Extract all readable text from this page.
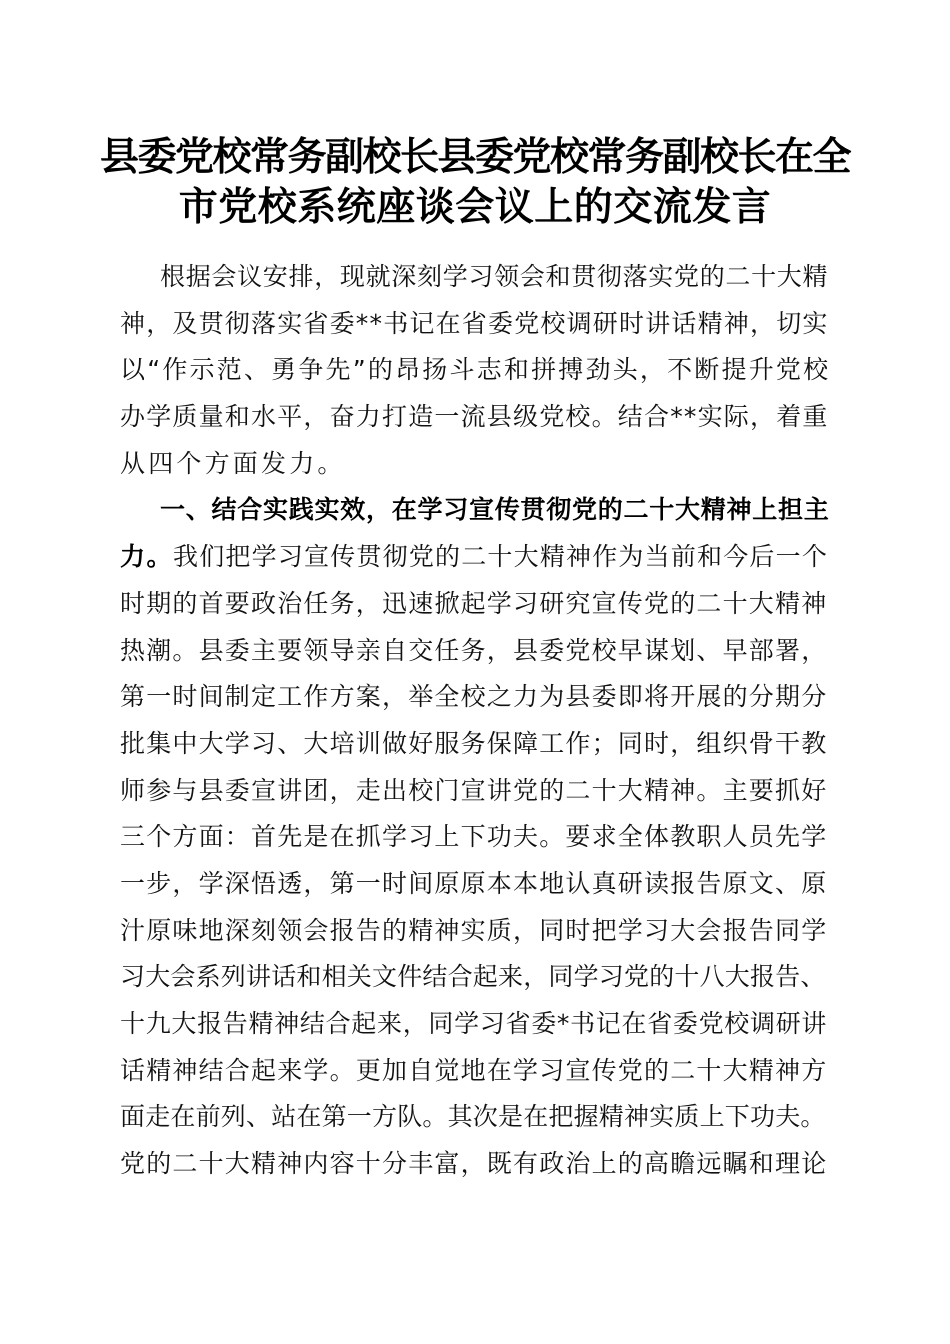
县委党校常务副校长县委党校常务副校长在全
市党校系统座谈会议上的交流发言
根据会议安排，现就深刻学习领会和贯彻落实党的二十大精
神，及贯彻落实省委**书记在省委党校调研时讲话精神，切实
以“作示范、勇争先”的昂扬斗志和拼搏劲头，不断提升党校
办学质量和水平，奋力打造一流县级党校。结合**实际，着重
从四个方面发力。
一、结合实践实效，在学习宣传贯彻党的二十大精神上担主
力。我们把学习宣传贯彻党的二十大精神作为当前和今后一个
时期的首要政治任务，迅速掀起学习研究宣传党的二十大精神
热潮。县委主要领导亲自交任务，县委党校早谋划、早部署，
第一时间制定工作方案，举全校之力为县委即将开展的分期分
批集中大学习、大培训做好服务保障工作；同时，组织骨干教
师参与县委宣讲团，走出校门宣讲党的二十大精神。主要抓好
三个方面：首先是在抓学习上下功夫。要求全体教职人员先学
一步，学深悟透，第一时间原原本本地认真研读报告原文、原
汁原味地深刻领会报告的精神实质，同时把学习大会报告同学
习大会系列讲话和相关文件结合起来，同学习党的十八大报告、
十九大报告精神结合起来，同学习省委*书记在省委党校调研讲
话精神结合起来学。更加自觉地在学习宣传党的二十大精神方
面走在前列、站在第一方队。其次是在把握精神实质上下功夫。
党的二十大精神内容十分丰富，既有政治上的高瞻远瞩和理论
